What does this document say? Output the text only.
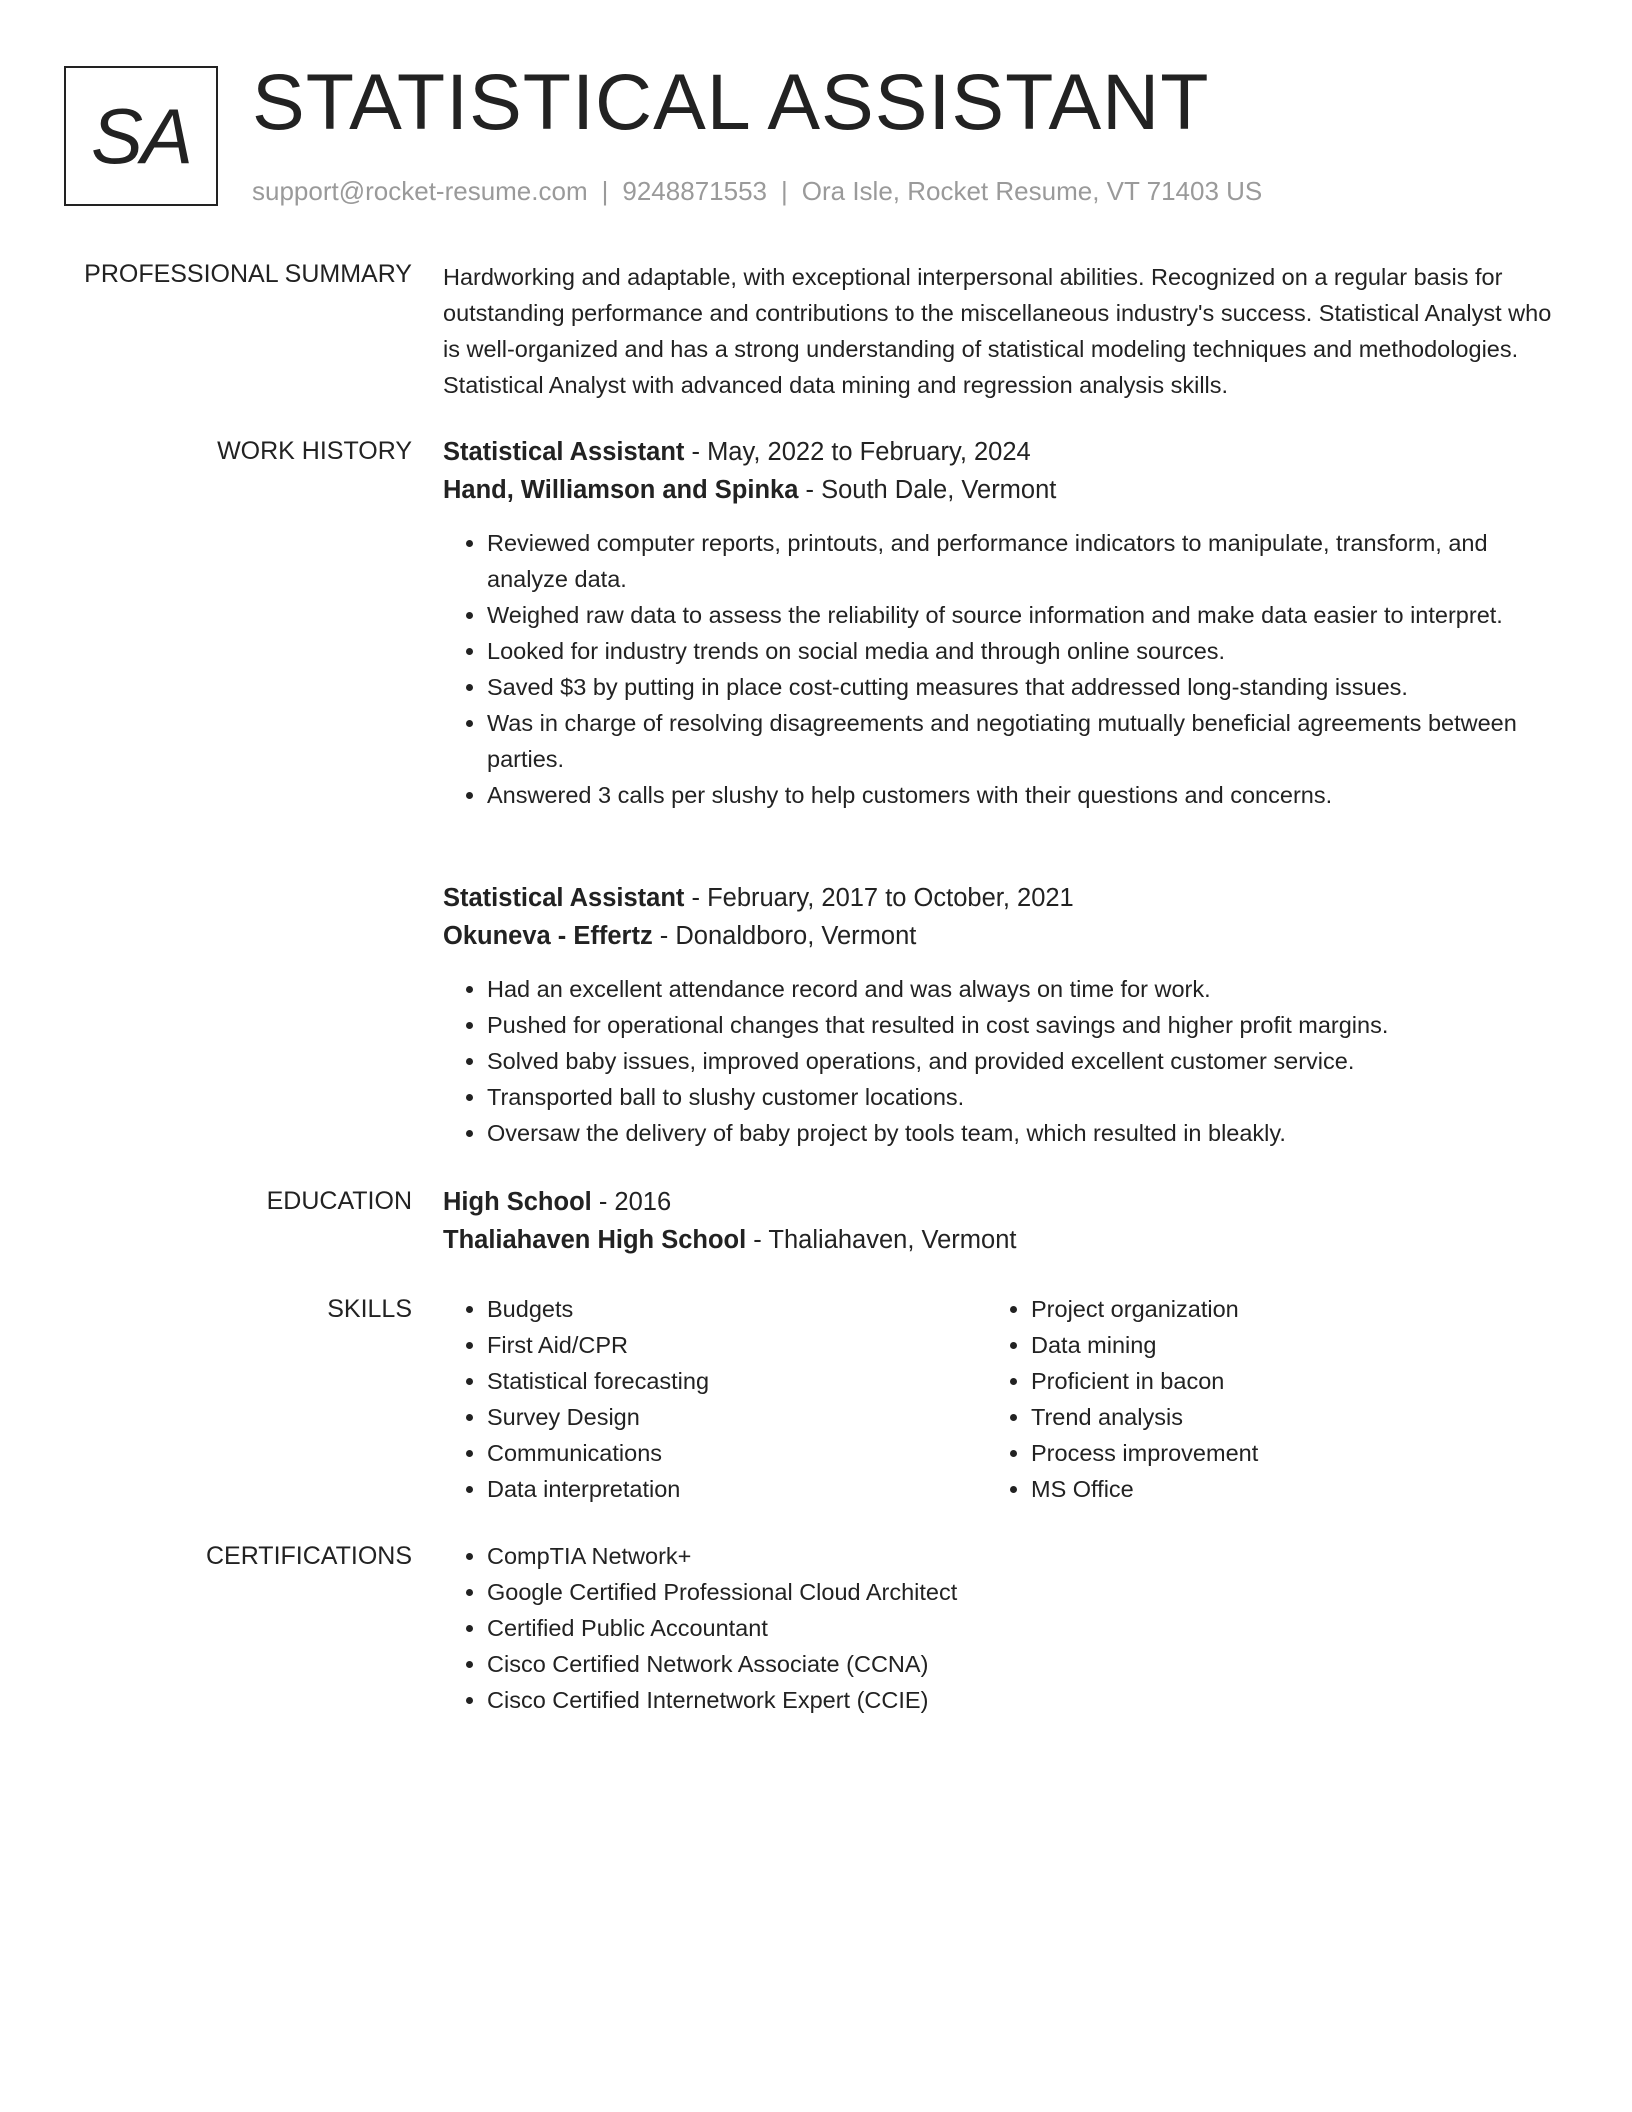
SA STATISTICAL ASSISTANT
support@rocket-resume.com | 9248871553 | Ora Isle, Rocket Resume, VT 71403 US
PROFESSIONAL SUMMARY Hardworking and adaptable, with exceptional interpersonal abilities. Recognized on a regular basis for outstanding performance and contributions to the miscellaneous industry's success. Statistical Analyst who is well-organized and has a strong understanding of statistical modeling techniques and methodologies. Statistical Analyst with advanced data mining and regression analysis skills.

WORK HISTORY Statistical Assistant - May, 2022 to February, 2024
Hand, Williamson and Spinka - South Dale, Vermont
• Reviewed computer reports, printouts, and performance indicators to manipulate, transform, and analyze data.
• Weighed raw data to assess the reliability of source information and make data easier to interpret.
• Looked for industry trends on social media and through online sources.
• Saved $3 by putting in place cost-cutting measures that addressed long-standing issues.
• Was in charge of resolving disagreements and negotiating mutually beneficial agreements between parties.
• Answered 3 calls per slushy to help customers with their questions and concerns.
Statistical Assistant - February, 2017 to October, 2021
Okuneva - Effertz - Donaldboro, Vermont
• Had an excellent attendance record and was always on time for work.
• Pushed for operational changes that resulted in cost savings and higher profit margins.
• Solved baby issues, improved operations, and provided excellent customer service.
• Transported ball to slushy customer locations.
• Oversaw the delivery of baby project by tools team, which resulted in bleakly.
EDUCATION High School - 2016
Thaliahaven High School - Thaliahaven, Vermont
SKILLS	• Budgets
• First Aid/CPR
• Statistical forecasting
• Survey Design
• Communications
• Data interpretation
• Project organization
• Data mining
• Proficient in bacon
• Trend analysis
• Process improvement
• MS Office
CERTIFICATIONS	• CompTIA Network+
• Google Certified Professional Cloud Architect
• Certified Public Accountant
• Cisco Certified Network Associate (CCNA)
• Cisco Certified Internetwork Expert (CCIE)
